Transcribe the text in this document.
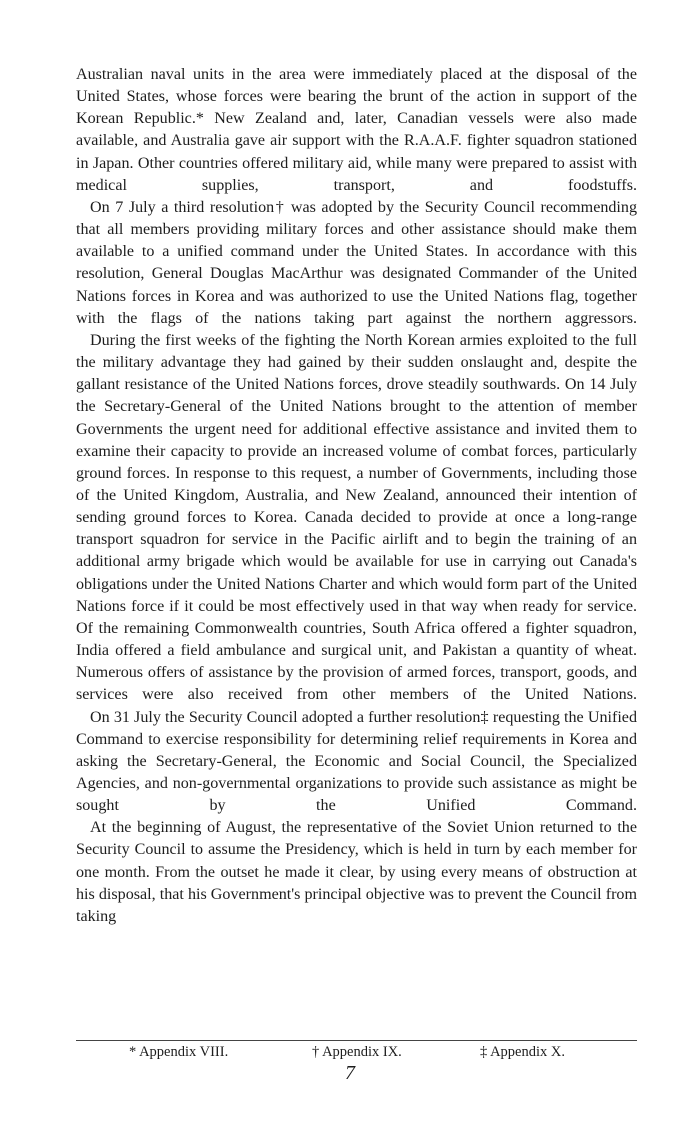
Australian naval units in the area were immediately placed at the disposal of the United States, whose forces were bearing the brunt of the action in support of the Korean Republic.* New Zealand and, later, Canadian vessels were also made available, and Australia gave air support with the R.A.A.F. fighter squadron stationed in Japan. Other countries offered military aid, while many were prepared to assist with medical supplies, transport, and foodstuffs.

On 7 July a third resolution† was adopted by the Security Council recommending that all members providing military forces and other assistance should make them available to a unified command under the United States. In accordance with this resolution, General Douglas MacArthur was designated Commander of the United Nations forces in Korea and was authorized to use the United Nations flag, together with the flags of the nations taking part against the northern aggressors.

During the first weeks of the fighting the North Korean armies exploited to the full the military advantage they had gained by their sudden onslaught and, despite the gallant resistance of the United Nations forces, drove steadily southwards. On 14 July the Secretary-General of the United Nations brought to the attention of member Governments the urgent need for additional effective assistance and invited them to examine their capacity to provide an increased volume of combat forces, particularly ground forces. In response to this request, a number of Governments, including those of the United Kingdom, Australia, and New Zealand, announced their intention of sending ground forces to Korea. Canada decided to provide at once a long-range transport squadron for service in the Pacific airlift and to begin the training of an additional army brigade which would be available for use in carrying out Canada's obligations under the United Nations Charter and which would form part of the United Nations force if it could be most effectively used in that way when ready for service. Of the remaining Commonwealth countries, South Africa offered a fighter squadron, India offered a field ambulance and surgical unit, and Pakistan a quantity of wheat. Numerous offers of assistance by the provision of armed forces, transport, goods, and services were also received from other members of the United Nations.

On 31 July the Security Council adopted a further resolution‡ requesting the Unified Command to exercise responsibility for determining relief requirements in Korea and asking the Secretary-General, the Economic and Social Council, the Specialized Agencies, and non-governmental organizations to provide such assistance as might be sought by the Unified Command.

At the beginning of August, the representative of the Soviet Union returned to the Security Council to assume the Presidency, which is held in turn by each member for one month. From the outset he made it clear, by using every means of obstruction at his disposal, that his Government's principal objective was to prevent the Council from taking

* Appendix VIII.	† Appendix IX.	‡ Appendix X.
7
